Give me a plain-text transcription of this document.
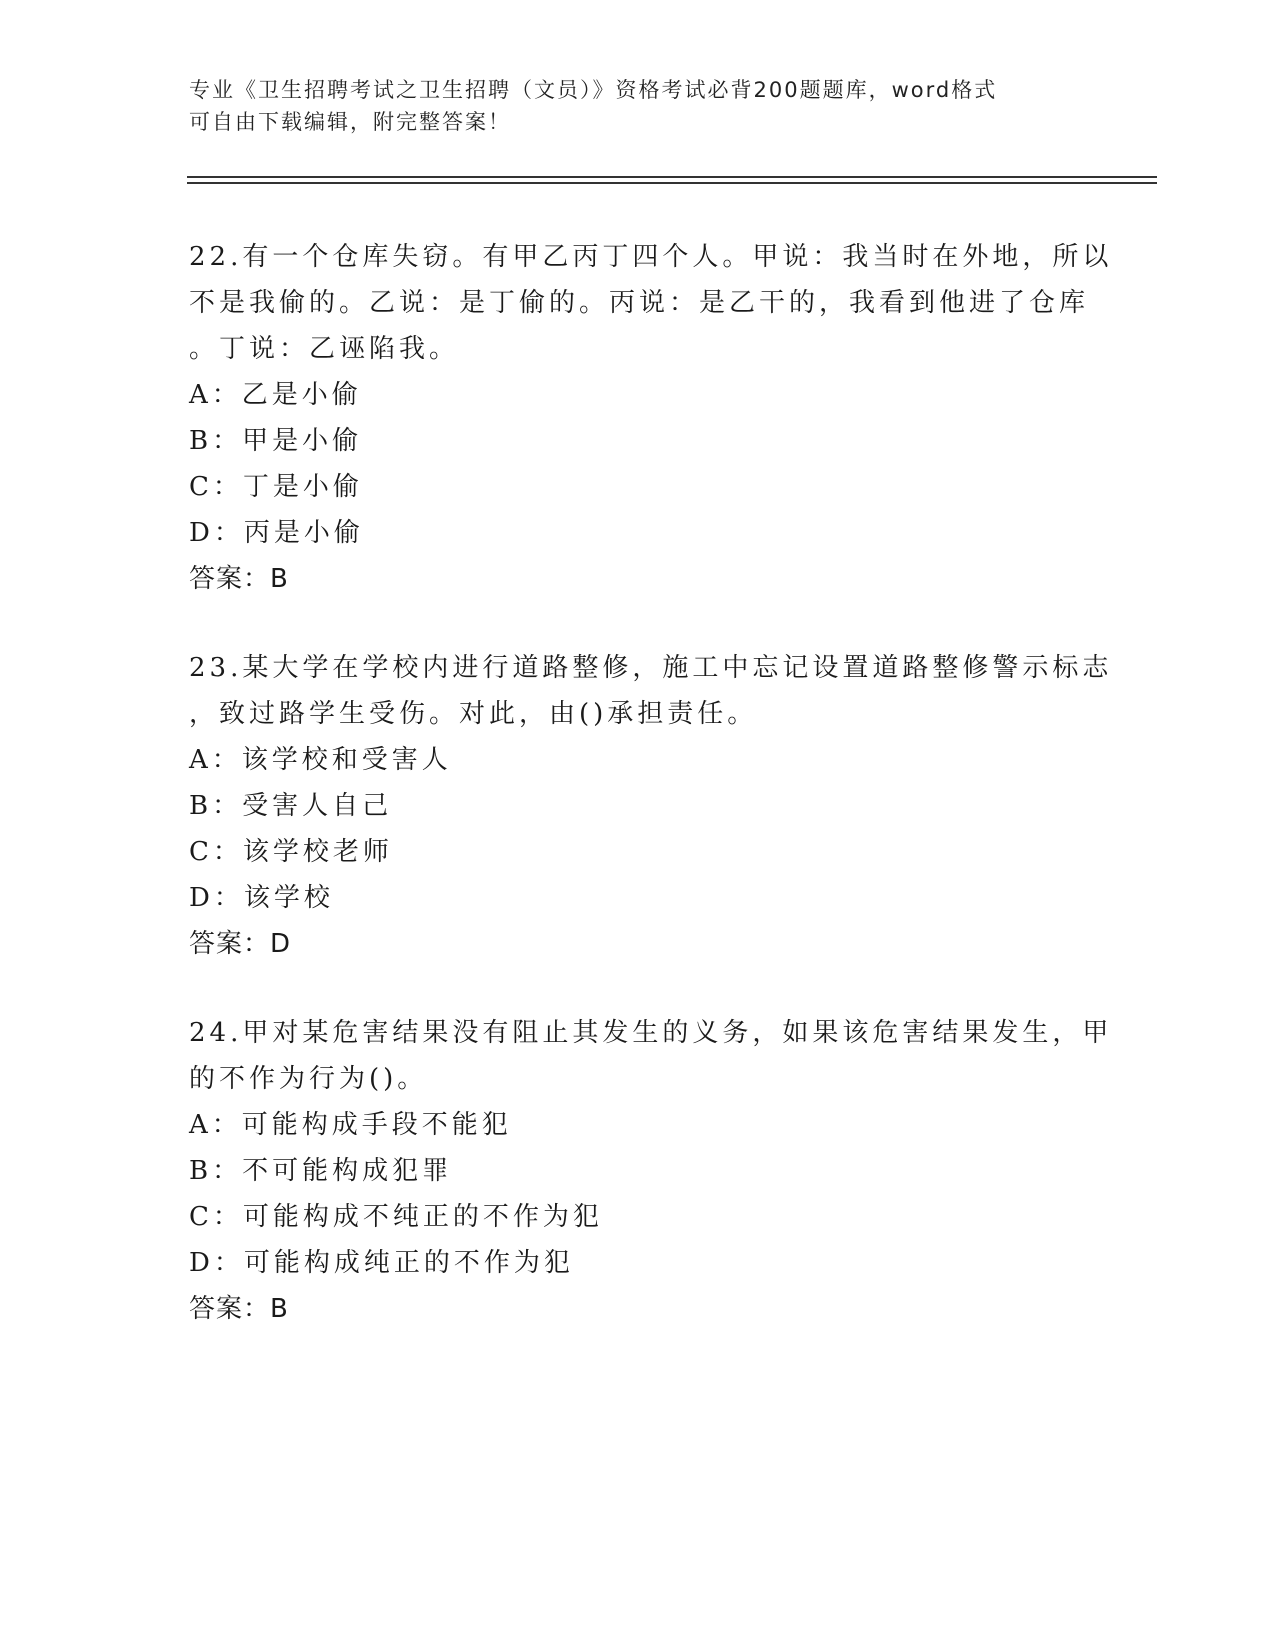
专业《卫生招聘考试之卫生招聘（文员）》资格考试必背200题题库，word格式
可自由下载编辑，附完整答案！
22.有一个仓库失窃。有甲乙丙丁四个人。甲说：我当时在外地，所以
不是我偷的。乙说：是丁偷的。丙说：是乙干的，我看到他进了仓库
。丁说：乙诬陷我。
A：乙是小偷
B：甲是小偷
C：丁是小偷
D：丙是小偷
答案：B
23.某大学在学校内进行道路整修，施工中忘记设置道路整修警示标志
，致过路学生受伤。对此，由()承担责任。
A：该学校和受害人
B：受害人自己
C：该学校老师
D：该学校
答案：D
24.甲对某危害结果没有阻止其发生的义务，如果该危害结果发生，甲
的不作为行为()。
A：可能构成手段不能犯
B：不可能构成犯罪
C：可能构成不纯正的不作为犯
D：可能构成纯正的不作为犯
答案：B
